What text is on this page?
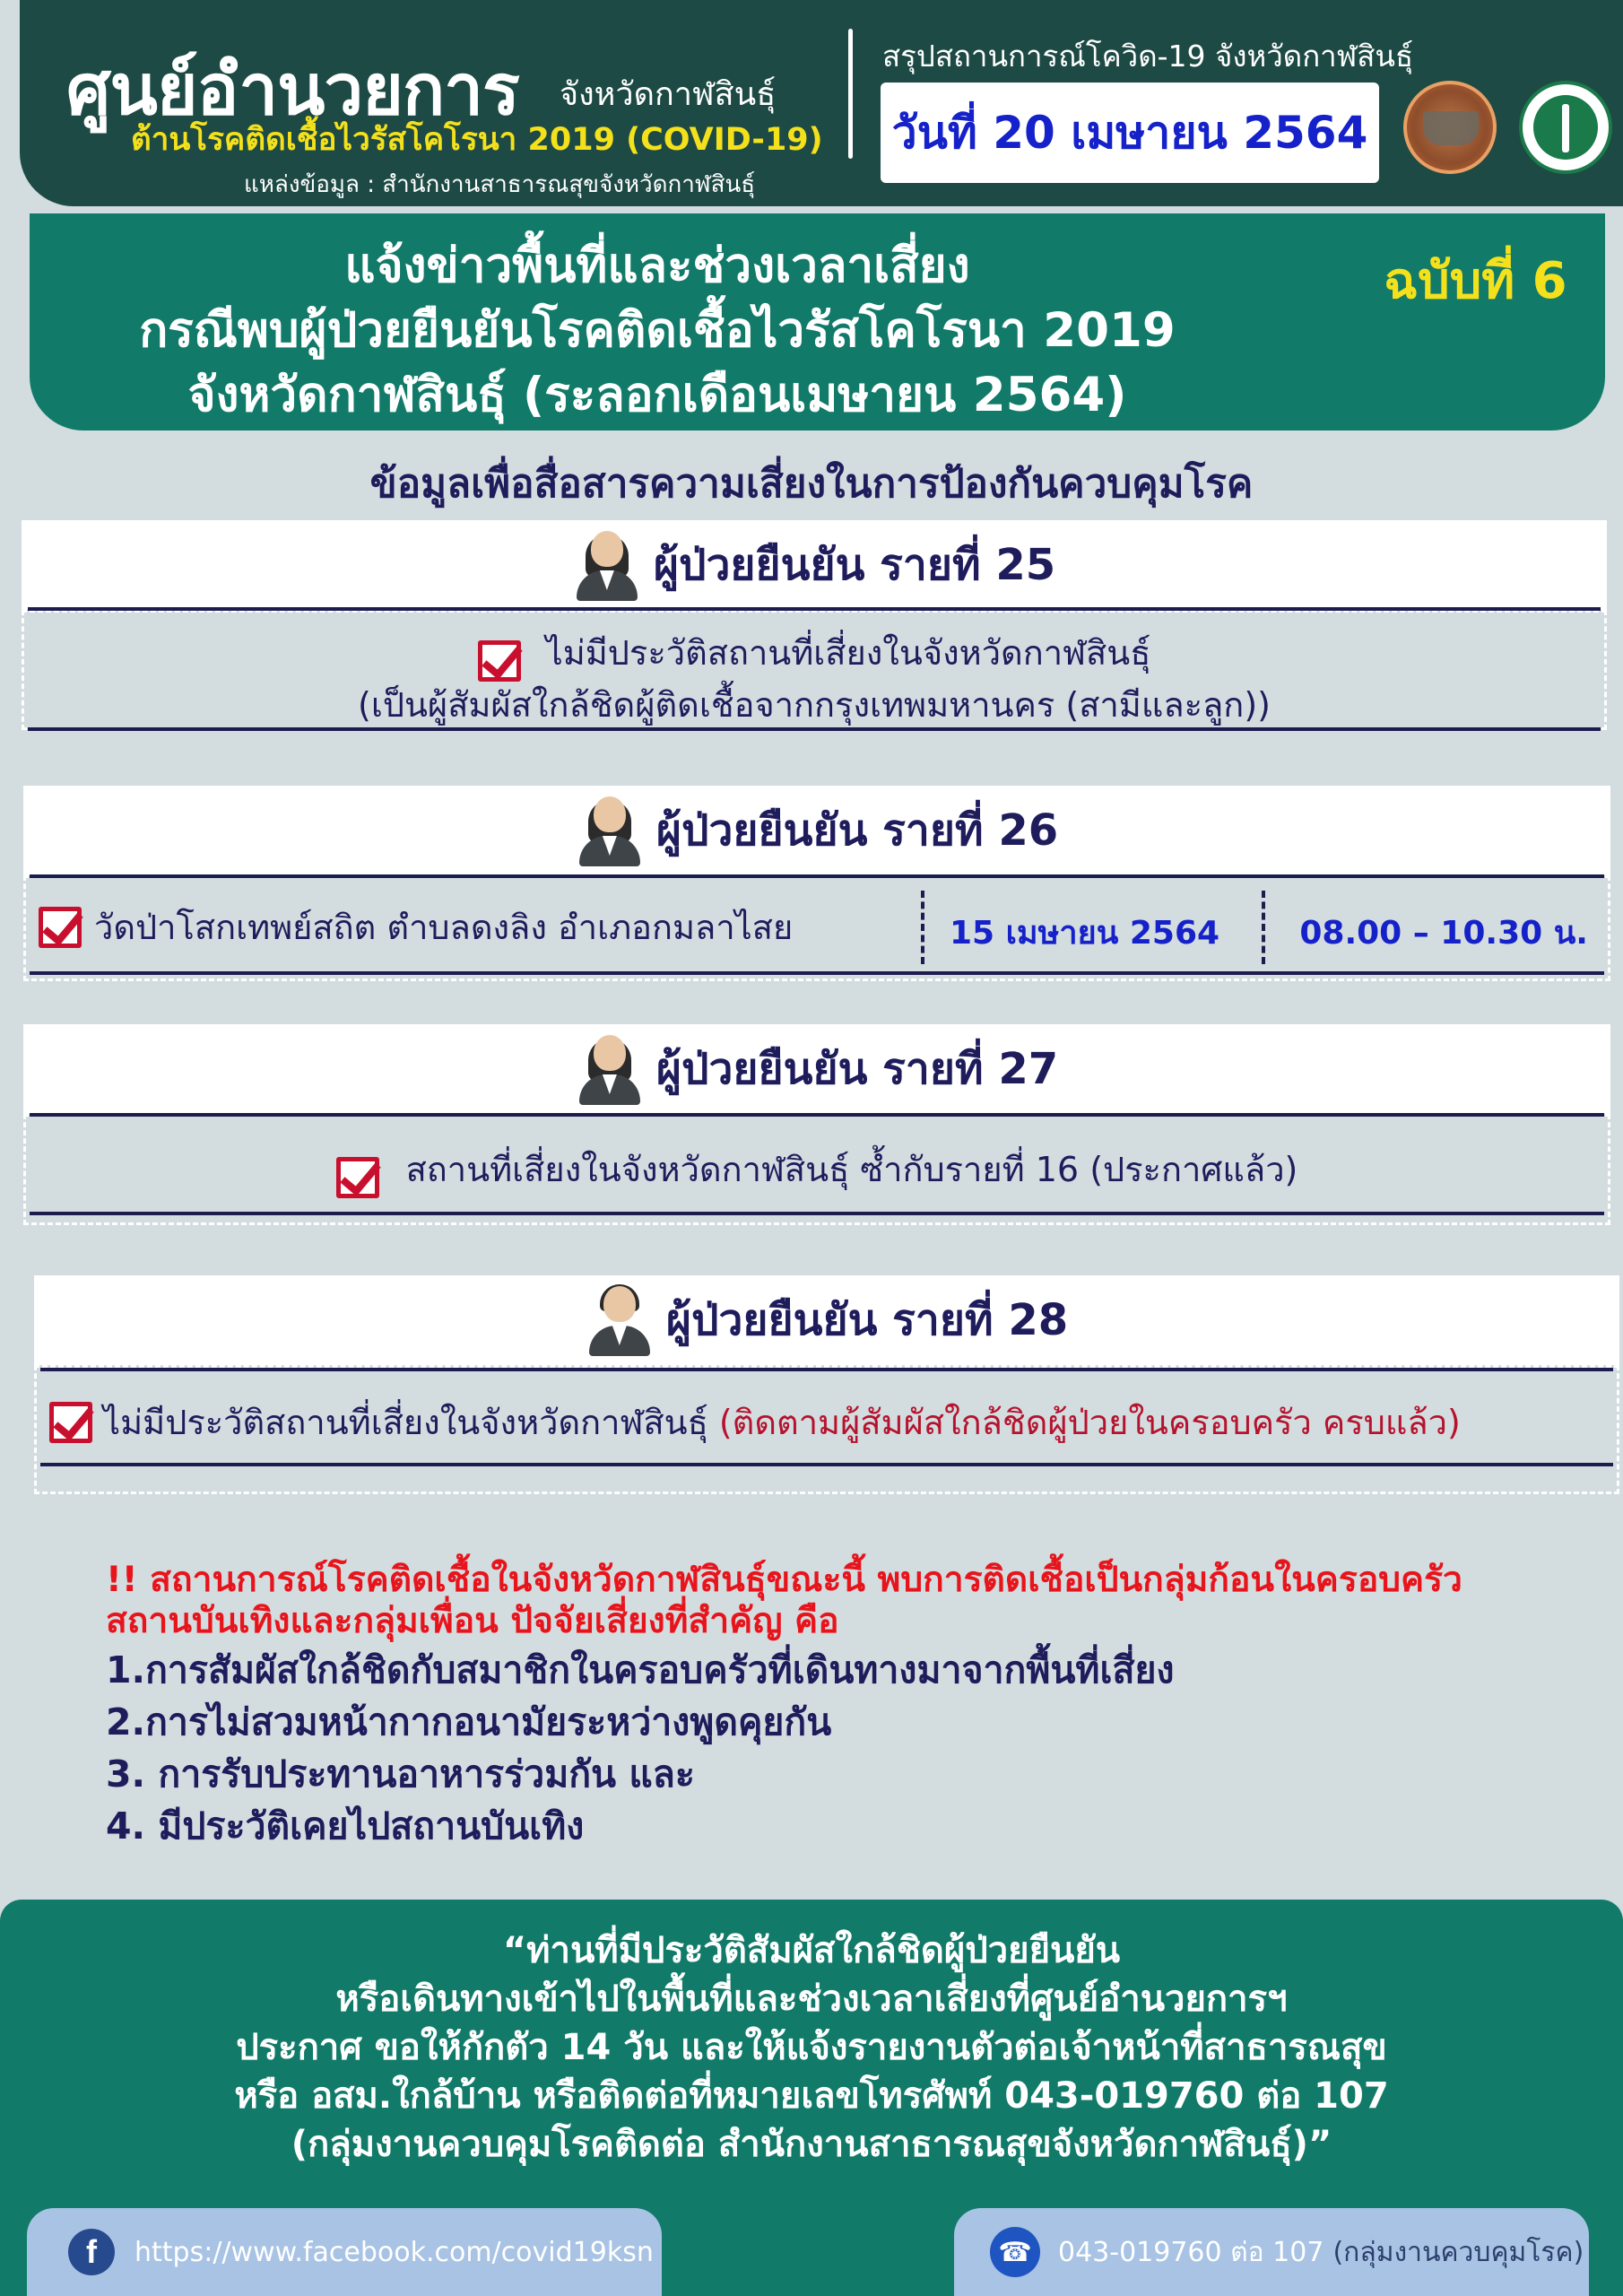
ศูนย์อำนวยการ จังหวัดกาฬสินธุ์
ต้านโรคติดเชื้อไวรัสโคโรนา 2019 (COVID-19)
แหล่งข้อมูล : สำนักงานสาธารณสุขจังหวัดกาฬสินธุ์
สรุปสถานการณ์โควิด-19 จังหวัดกาฬสินธุ์
วันที่ 20 เมษายน 2564
แจ้งข่าวพื้นที่และช่วงเวลาเสี่ยง
กรณีพบผู้ป่วยยืนยันโรคติดเชื้อไวรัสโคโรนา 2019
จังหวัดกาฬสินธุ์ (ระลอกเดือนเมษายน 2564)
ฉบับที่ 6
ข้อมูลเพื่อสื่อสารความเสี่ยงในการป้องกันควบคุมโรค
ผู้ป่วยยืนยัน รายที่ 25
ไม่มีประวัติสถานที่เสี่ยงในจังหวัดกาฬสินธุ์
(เป็นผู้สัมผัสใกล้ชิดผู้ติดเชื้อจากกรุงเทพมหานคร (สามีและลูก))
ผู้ป่วยยืนยัน รายที่ 26
วัดป่าโสกเทพย์สถิต ตำบลดงลิง อำเภอกมลาไสย	15 เมษายน 2564 08.00 – 10.30 น.
ผู้ป่วยยืนยัน รายที่ 27
สถานที่เสี่ยงในจังหวัดกาฬสินธุ์ ซ้ำกับรายที่ 16 (ประกาศแล้ว)
ผู้ป่วยยืนยัน รายที่ 28
ไม่มีประวัติสถานที่เสี่ยงในจังหวัดกาฬสินธุ์ (ติดตามผู้สัมผัสใกล้ชิดผู้ป่วยในครอบครัว ครบแล้ว)
!! สถานการณ์โรคติดเชื้อในจังหวัดกาฬสินธุ์ขณะนี้ พบการติดเชื้อเป็นกลุ่มก้อนในครอบครัว
สถานบันเทิงและกลุ่มเพื่อน ปัจจัยเสี่ยงที่สำคัญ คือ
1.การสัมผัสใกล้ชิดกับสมาชิกในครอบครัวที่เดินทางมาจากพื้นที่เสี่ยง
2.การไม่สวมหน้ากากอนามัยระหว่างพูดคุยกัน
3. การรับประทานอาหารร่วมกัน และ
4. มีประวัติเคยไปสถานบันเทิง
“ท่านที่มีประวัติสัมผัสใกล้ชิดผู้ป่วยยืนยัน
หรือเดินทางเข้าไปในพื้นที่และช่วงเวลาเสี่ยงที่ศูนย์อำนวยการฯ
ประกาศ ขอให้กักตัว 14 วัน และให้แจ้งรายงานตัวต่อเจ้าหน้าที่สาธารณสุข
หรือ อสม.ใกล้บ้าน หรือติดต่อที่หมายเลขโทรศัพท์ 043-019760 ต่อ 107
(กลุ่มงานควบคุมโรคติดต่อ สำนักงานสาธารณสุขจังหวัดกาฬสินธุ์)”
f	https://www.facebook.com/covid19ksn	☎ 043-019760 ต่อ 107 (กลุ่มงานควบคุมโรค)
